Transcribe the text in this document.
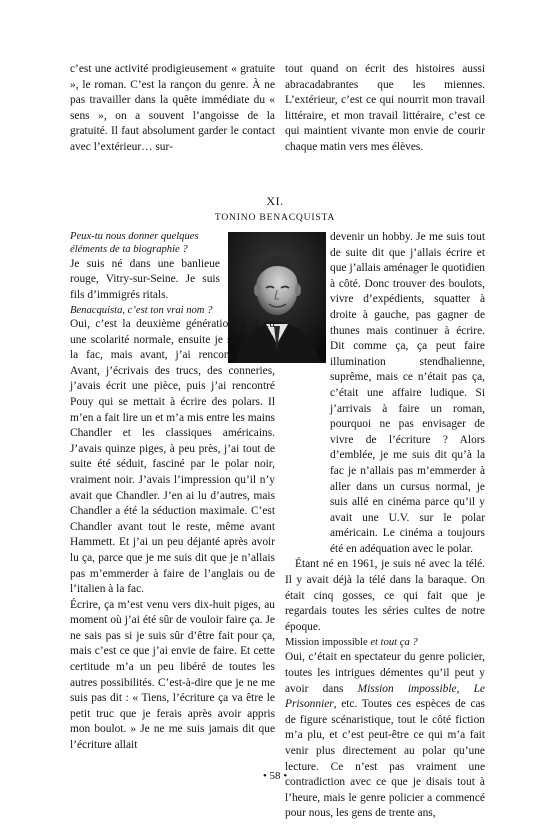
c’est une activité prodigieusement « gratuite », le roman. C’est la rançon du genre. À ne pas travailler dans la quête immédiate du « sens », on a souvent l’angoisse de la gratuité. Il faut absolument garder le contact avec l’extérieur… sur-

tout quand on écrit des histoires aussi abracadabrantes que les miennes. L’extérieur, c’est ce qui nourrit mon travail littéraire, et mon travail littéraire, c’est ce qui maintient vivante mon envie de courir chaque matin vers mes élèves.

XI.
TONINO BENACQUISTA

Peux-tu nous donner quelques éléments de ta biographie ?

Je suis né dans une banlieue rouge, Vitry-sur-Seine. Je suis fils d’immigrés ritals.

Benacquista, c’est ton vrai nom ?

Oui, c’est la deuxième génération. J’ai eu une scolarité normale, ensuite je suis allé à la fac, mais avant, j’ai rencontré Pouy. Avant, j’écrivais des trucs, des conneries, j’avais écrit une pièce, puis j’ai rencontré Pouy qui se mettait à écrire des polars. Il m’en a fait lire un et m’a mis entre les mains Chandler et les classiques américains. J’avais quinze piges, à peu près, j’ai tout de suite été séduit, fasciné par le polar noir, vraiment noir. J’avais l’impression qu’il n’y avait que Chandler. J’en ai lu d’autres, mais Chandler a été la séduction maximale. C’est Chandler avant tout le reste, même avant Hammett. Et j’ai un peu déjanté après avoir lu ça, parce que je me suis dit que je n’allais pas m’emmerder à faire de l’anglais ou de l’italien à la fac.

Écrire, ça m’est venu vers dix-huit piges, au moment où j’ai été sûr de vouloir faire ça. Je ne sais pas si je suis sûr d’être fait pour ça, mais c’est ce que j’ai envie de faire. Et cette certitude m’a un peu libéré de toutes les autres possibilités. C’est-à-dire que je ne me suis pas dit : « Tiens, l’écriture ça va être le petit truc que je ferais après avoir appris mon boulot. » Je ne me suis jamais dit que l’écriture allait

devenir un hobby. Je me suis tout de suite dit que j’allais écrire et que j’allais aménager le quotidien à côté. Donc trouver des boulots, vivre d’expédients, squatter à droite à gauche, pas gagner de thunes mais continuer à écrire. Dit comme ça, ça peut faire illumination stendhalienne, suprême, mais ce n’était pas ça, c’était une affaire ludique. Si j’arrivais à faire un roman, pourquoi ne pas envisager de vivre de l’écriture ? Alors d’emblée, je me suis dit qu’à la fac je n’allais pas m’emmerder à aller dans un cursus normal, je suis allé en cinéma parce qu’il y avait une U.V. sur le polar américain. Le cinéma a toujours été en adéquation avec le polar.

Étant né en 1961, je suis né avec la télé. Il y avait déjà la télé dans la baraque. On était cinq gosses, ce qui fait que je regardais toutes les séries cultes de notre époque.

Mission impossible et tout ça ?

Oui, c’était en spectateur du genre policier, toutes les intrigues démentes qu’il peut y avoir dans Mission impossible, Le Prisonnier, etc. Toutes ces espèces de cas de figure scénaristique, tout le côté fiction m’a plu, et c’est peut-être ce qui m’a fait venir plus directement au polar qu’une lecture. Ce n’est pas vraiment une contradiction avec ce que je disais tout à l’heure, mais le genre policier a commencé pour nous, les gens de trente ans,

• 58 •
